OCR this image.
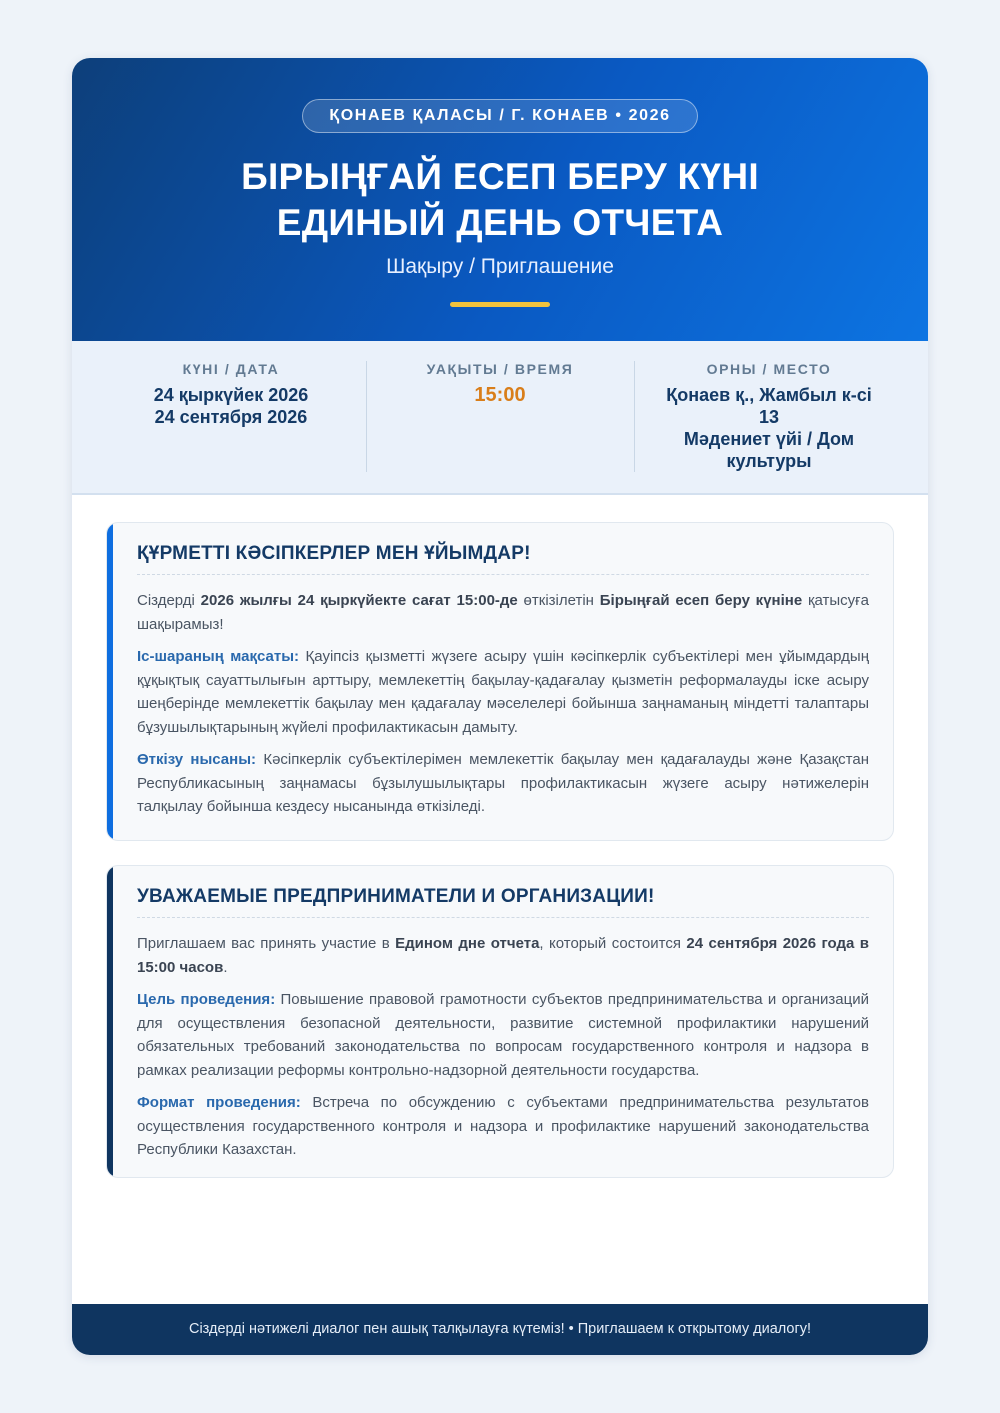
ҚОНАЕВ ҚАЛАСЫ / Г. КОНАЕВ • 2026
БІРЫҢҒАЙ ЕСЕП БЕРУ КҮНІ
ЕДИНЫЙ ДЕНЬ ОТЧЕТА
Шақыру / Приглашение
КҮНІ / ДАТА
24 қыркүйек 2026
24 сентября 2026
УАҚЫТЫ / ВРЕМЯ
15:00
ОРНЫ / МЕСТО
Қонаев қ., Жамбыл к-сі
13
Мәдениет үйі / Дом
культуры
ҚҰРМЕТТІ КӘСІПКЕРЛЕР МЕН ҰЙЫМДАР!

Сіздерді 2026 жылғы 24 қыркүйекте сағат 15:00-де өткізілетін Бірыңғай есеп беру күніне қатысуға шақырамыз!

Іс-шараның мақсаты: Қауіпсіз қызметті жүзеге асыру үшін кәсіпкерлік субъектілері мен ұйымдардың құқықтық сауаттылығын арттыру, мемлекеттің бақылау-қадағалау қызметін реформалауды іске асыру шеңберінде мемлекеттік бақылау мен қадағалау мәселелері бойынша заңнаманың міндетті талаптары бұзушылықтарының жүйелі профилактикасын дамыту.

Өткізу нысаны: Кәсіпкерлік субъектілерімен мемлекеттік бақылау мен қадағалауды және Қазақстан Республикасының заңнамасы бұзылушылықтары профилактикасын жүзеге асыру нәтижелерін талқылау бойынша кездесу нысанында өткізіледі.

УВАЖАЕМЫЕ ПРЕДПРИНИМАТЕЛИ И ОРГАНИЗАЦИИ!

Приглашаем вас принять участие в Едином дне отчета, который состоится 24 сентября 2026 года в 15:00 часов.

Цель проведения: Повышение правовой грамотности субъектов предпринимательства и организаций для осуществления безопасной деятельности, развитие системной профилактики нарушений обязательных требований законодательства по вопросам государственного контроля и надзора в рамках реализации реформы контрольно-надзорной деятельности государства.

Формат проведения: Встреча по обсуждению с субъектами предпринимательства результатов осуществления государственного контроля и надзора и профилактике нарушений законодательства Республики Казахстан.

Сіздерді нәтижелі диалог пен ашық талқылауға күтеміз! • Приглашаем к открытому диалогу!
